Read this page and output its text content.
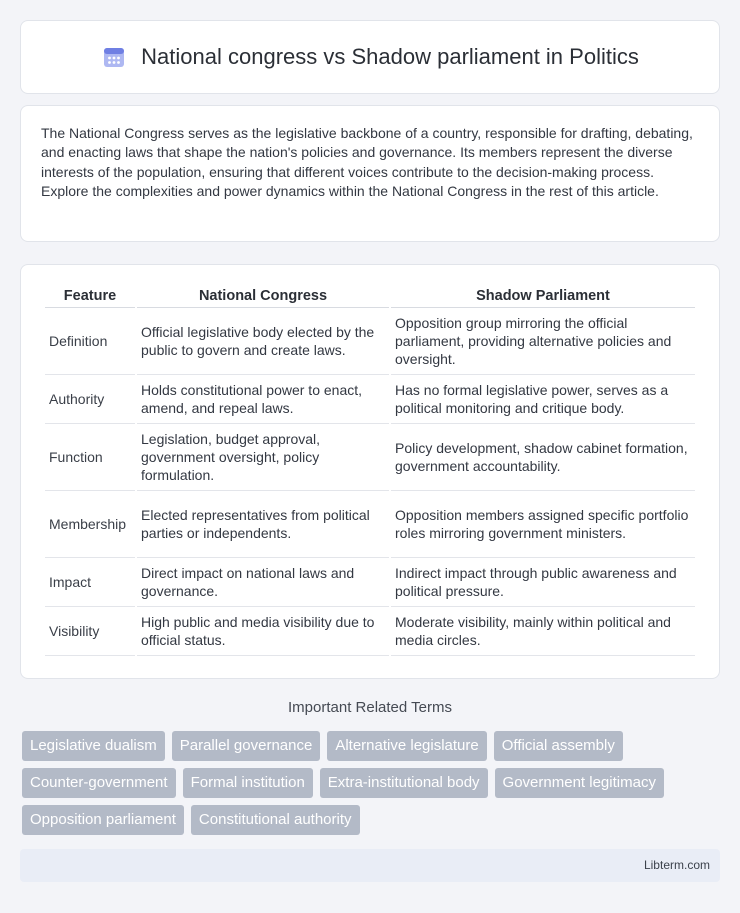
National congress vs Shadow parliament in Politics

The National Congress serves as the legislative backbone of a country, responsible for drafting, debating, and enacting laws that shape the nation's policies and governance. Its members represent the diverse interests of the population, ensuring that different voices contribute to the decision-making process. Explore the complexities and power dynamics within the National Congress in the rest of this article.

Feature	National Congress	Shadow Parliament
Definition	Official legislative body elected by the public to govern and create laws.	Opposition group mirroring the official parliament, providing alternative policies and oversight.
Authority	Holds constitutional power to enact, amend, and repeal laws.	Has no formal legislative power, serves as a political monitoring and critique body.
Function	Legislation, budget approval, government oversight, policy formulation.	Policy development, shadow cabinet formation, government accountability.
Membership	Elected representatives from political parties or independents.	Opposition members assigned specific portfolio roles mirroring government ministers.
Impact	Direct impact on national laws and governance.	Indirect impact through public awareness and political pressure.
Visibility	High public and media visibility due to official status.	Moderate visibility, mainly within political and media circles.
Important Related Terms
Legislative dualism	Parallel governance	Alternative legislature	Official assembly
Counter-government	Formal institution	Extra-institutional body	Government legitimacy
Opposition parliament	Constitutional authority
Libterm.com
